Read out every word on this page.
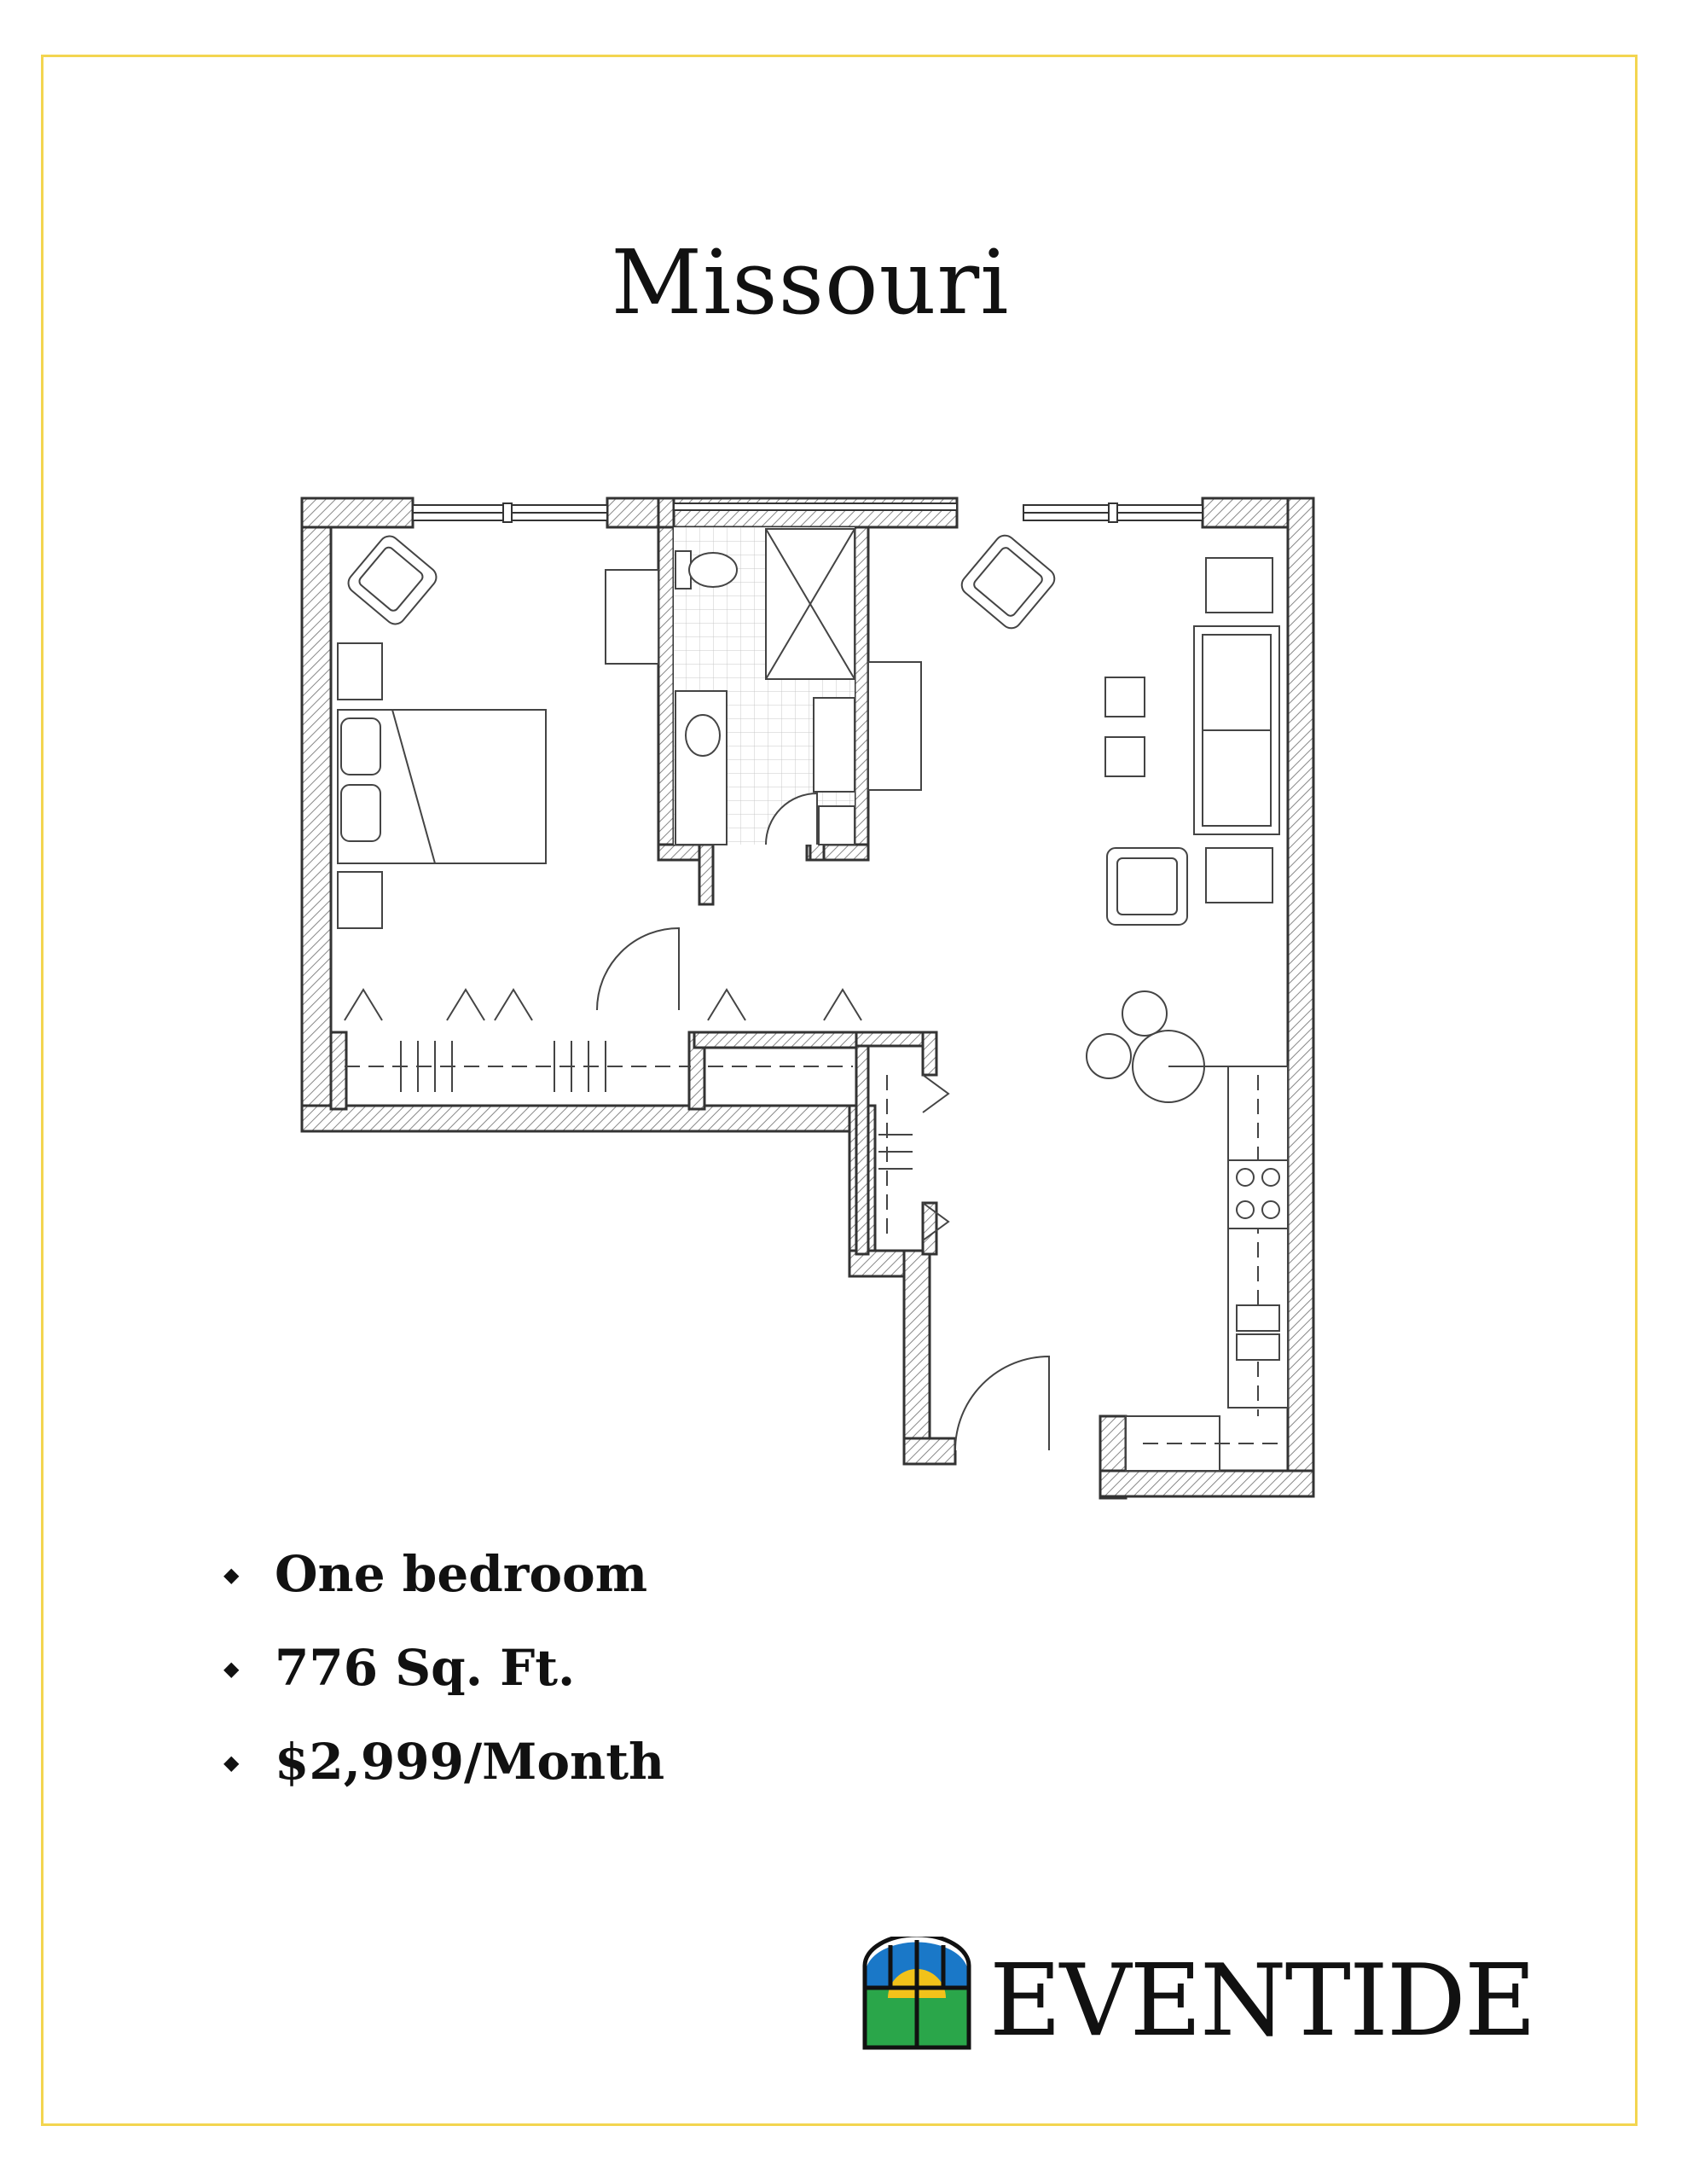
Missouri
◆ One bedroom
◆ 776 Sq. Ft.
◆ $2,999/Month
EVENTIDE
